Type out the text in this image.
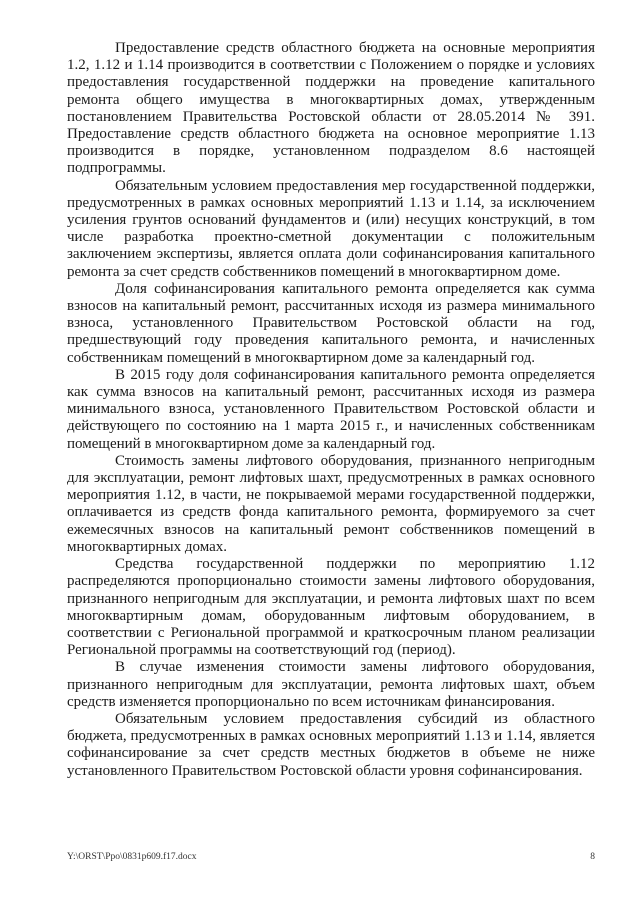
Предоставление средств областного бюджета на основные мероприятия 1.2, 1.12 и 1.14 производится в соответствии с Положением о порядке и условиях предоставления государственной поддержки на проведение капитального ремонта общего имущества в многоквартирных домах, утвержденным постановлением Правительства Ростовской области от 28.05.2014 № 391. Предоставление средств областного бюджета на основное мероприятие 1.13 производится в порядке, установленном подразделом 8.6 настоящей подпрограммы.

Обязательным условием предоставления мер государственной поддержки, предусмотренных в рамках основных мероприятий 1.13 и 1.14, за исключением усиления грунтов оснований фундаментов и (или) несущих конструкций, в том числе разработка проектно-сметной документации с положительным заключением экспертизы, является оплата доли софинансирования капитального ремонта за счет средств собственников помещений в многоквартирном доме.

Доля софинансирования капитального ремонта определяется как сумма взносов на капитальный ремонт, рассчитанных исходя из размера минимального взноса, установленного Правительством Ростовской области на год, предшествующий году проведения капитального ремонта, и начисленных собственникам помещений в многоквартирном доме за календарный год.

В 2015 году доля софинансирования капитального ремонта определяется как сумма взносов на капитальный ремонт, рассчитанных исходя из размера минимального взноса, установленного Правительством Ростовской области и действующего по состоянию на 1 марта 2015 г., и начисленных собственникам помещений в многоквартирном доме за календарный год.

Стоимость замены лифтового оборудования, признанного непригодным для эксплуатации, ремонт лифтовых шахт, предусмотренных в рамках основного мероприятия 1.12, в части, не покрываемой мерами государственной поддержки, оплачивается из средств фонда капитального ремонта, формируемого за счет ежемесячных взносов на капитальный ремонт собственников помещений в многоквартирных домах.

Средства государственной поддержки по мероприятию 1.12 распределяются пропорционально стоимости замены лифтового оборудования, признанного непригодным для эксплуатации, и ремонта лифтовых шахт по всем многоквартирным домам, оборудованным лифтовым оборудованием, в соответствии с Региональной программой и краткосрочным планом реализации Региональной программы на соответствующий год (период).

В случае изменения стоимости замены лифтового оборудования, признанного непригодным для эксплуатации, ремонта лифтовых шахт, объем средств изменяется пропорционально по всем источникам финансирования.

Обязательным условием предоставления субсидий из областного бюджета, предусмотренных в рамках основных мероприятий 1.13 и 1.14, является софинансирование за счет средств местных бюджетов в объеме не ниже установленного Правительством Ростовской области уровня софинансирования.

Y:\ORST\Ppo\0831p609.f17.docx	8
